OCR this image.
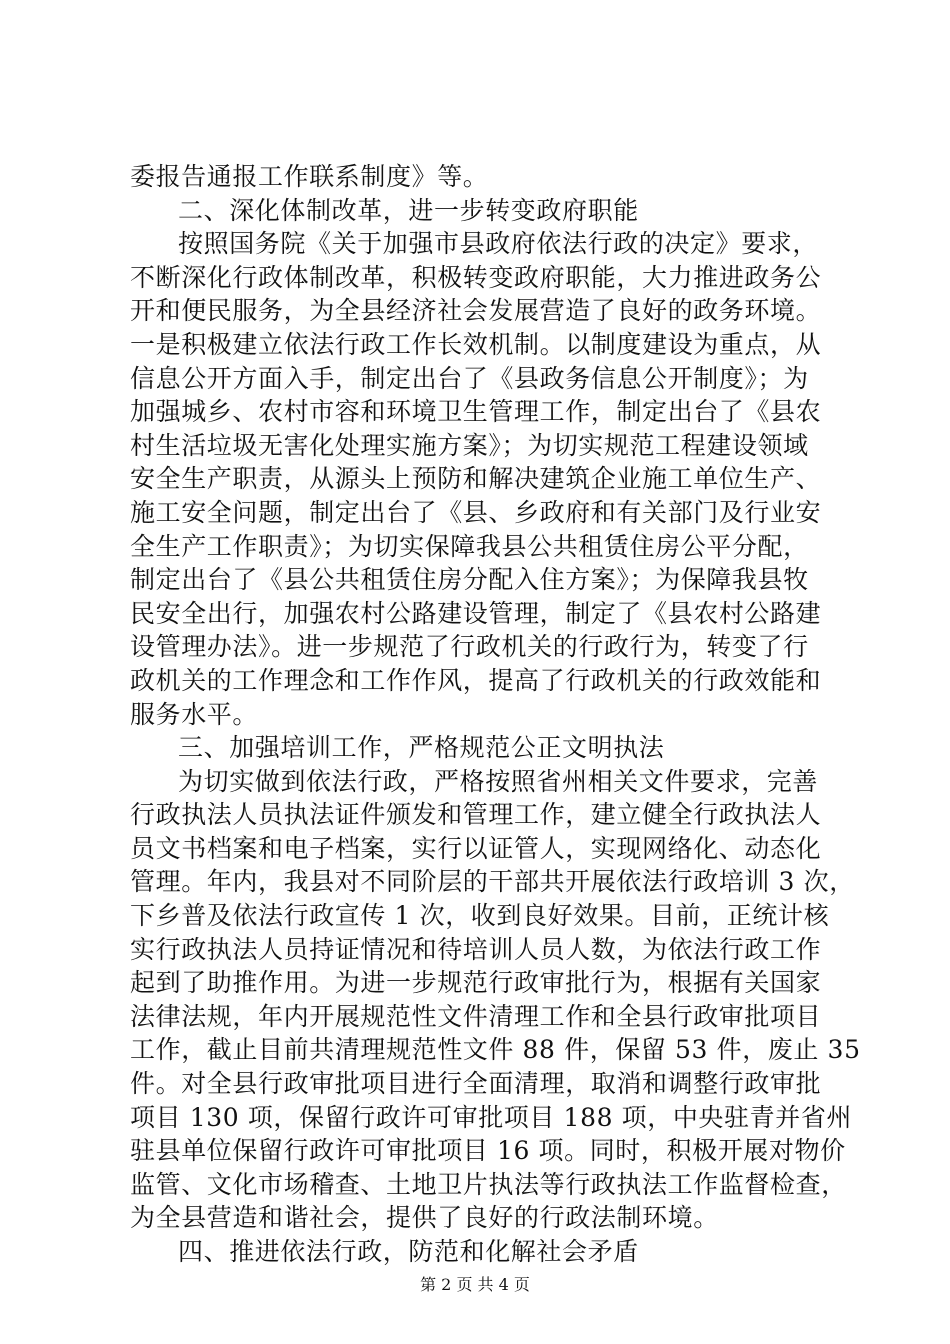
委报告通报工作联系制度》等。
二、深化体制改革，进一步转变政府职能
按照国务院《关于加强市县政府依法行政的决定》要求，
不断深化行政体制改革，积极转变政府职能，大力推进政务公
开和便民服务，为全县经济社会发展营造了良好的政务环境。
一是积极建立依法行政工作长效机制。以制度建设为重点，从
信息公开方面入手，制定出台了《县政务信息公开制度》；为
加强城乡、农村市容和环境卫生管理工作，制定出台了《县农
村生活垃圾无害化处理实施方案》；为切实规范工程建设领域
安全生产职责，从源头上预防和解决建筑企业施工单位生产、
施工安全问题，制定出台了《县、乡政府和有关部门及行业安
全生产工作职责》；为切实保障我县公共租赁住房公平分配，
制定出台了《县公共租赁住房分配入住方案》；为保障我县牧
民安全出行，加强农村公路建设管理，制定了《县农村公路建
设管理办法》。进一步规范了行政机关的行政行为，转变了行
政机关的工作理念和工作作风，提高了行政机关的行政效能和
服务水平。
三、加强培训工作，严格规范公正文明执法
为切实做到依法行政，严格按照省州相关文件要求，完善
行政执法人员执法证件颁发和管理工作，建立健全行政执法人
员文书档案和电子档案，实行以证管人，实现网络化、动态化
管理。年内，我县对不同阶层的干部共开展依法行政培训 3 次，
下乡普及依法行政宣传 1 次，收到良好效果。目前，正统计核
实行政执法人员持证情况和待培训人员人数，为依法行政工作
起到了助推作用。为进一步规范行政审批行为，根据有关国家
法律法规，年内开展规范性文件清理工作和全县行政审批项目
工作，截止目前共清理规范性文件 88 件，保留 53 件，废止 35
件。对全县行政审批项目进行全面清理，取消和调整行政审批
项目 130 项，保留行政许可审批项目 188 项，中央驻青并省州
驻县单位保留行政许可审批项目 16 项。同时，积极开展对物价
监管、文化市场稽查、土地卫片执法等行政执法工作监督检查，
为全县营造和谐社会，提供了良好的行政法制环境。
四、推进依法行政，防范和化解社会矛盾
第 2 页 共 4 页
